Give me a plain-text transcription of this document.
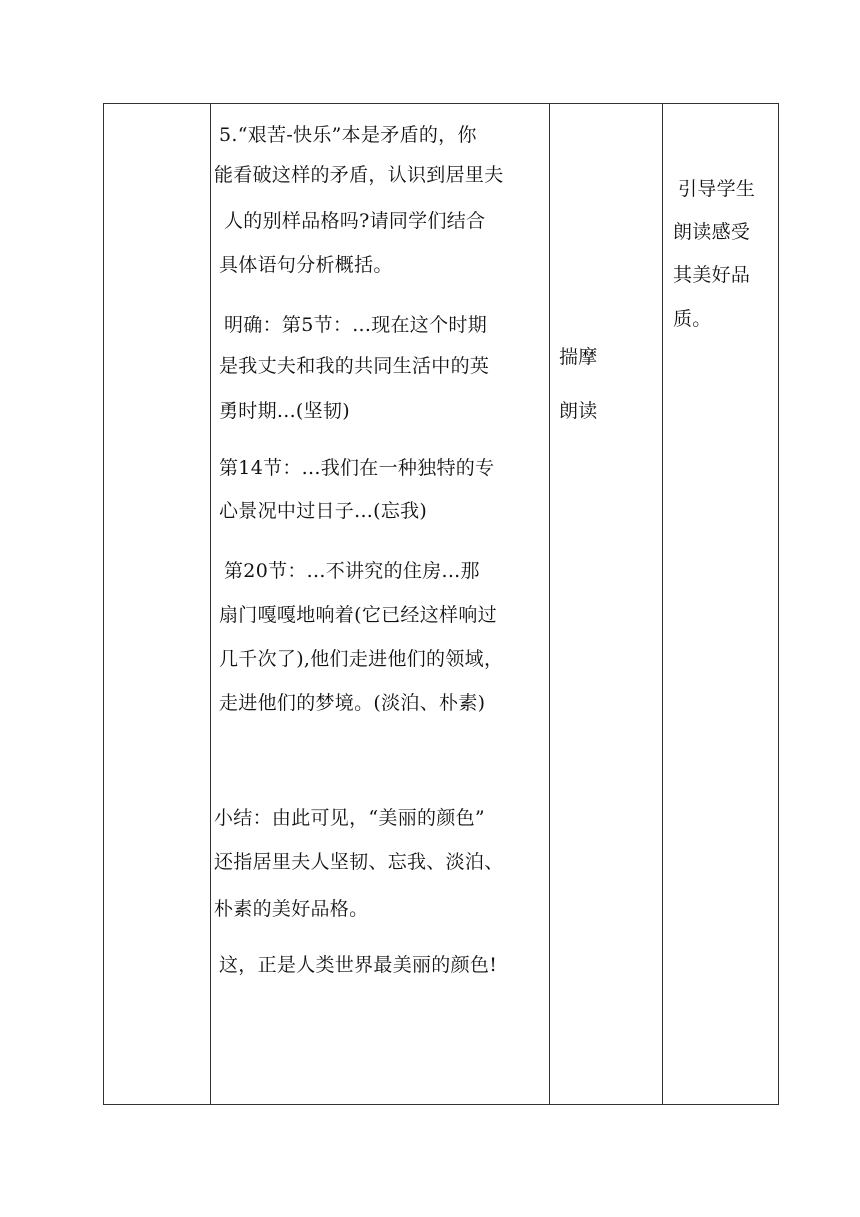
5.“艰苦-快乐”本是矛盾的，你
能看破这样的矛盾，认识到居里夫
人的别样品格吗?请同学们结合
具体语句分析概括。
明确：第5节：...现在这个时期
是我丈夫和我的共同生活中的英
勇时期...(坚韧)
第14节：...我们在一种独特的专
心景况中过日子...(忘我)
第20节：...不讲究的住房...那
扇门嘎嘎地响着(它已经这样响过
几千次了),他们走进他们的领域，
走进他们的梦境。(淡泊、朴素)
小结：由此可见，“美丽的颜色”
还指居里夫人坚韧、忘我、淡泊、
朴素的美好品格。
这，正是人类世界最美丽的颜色!
揣摩
朗读
引导学生
朗读感受
其美好品
质。
